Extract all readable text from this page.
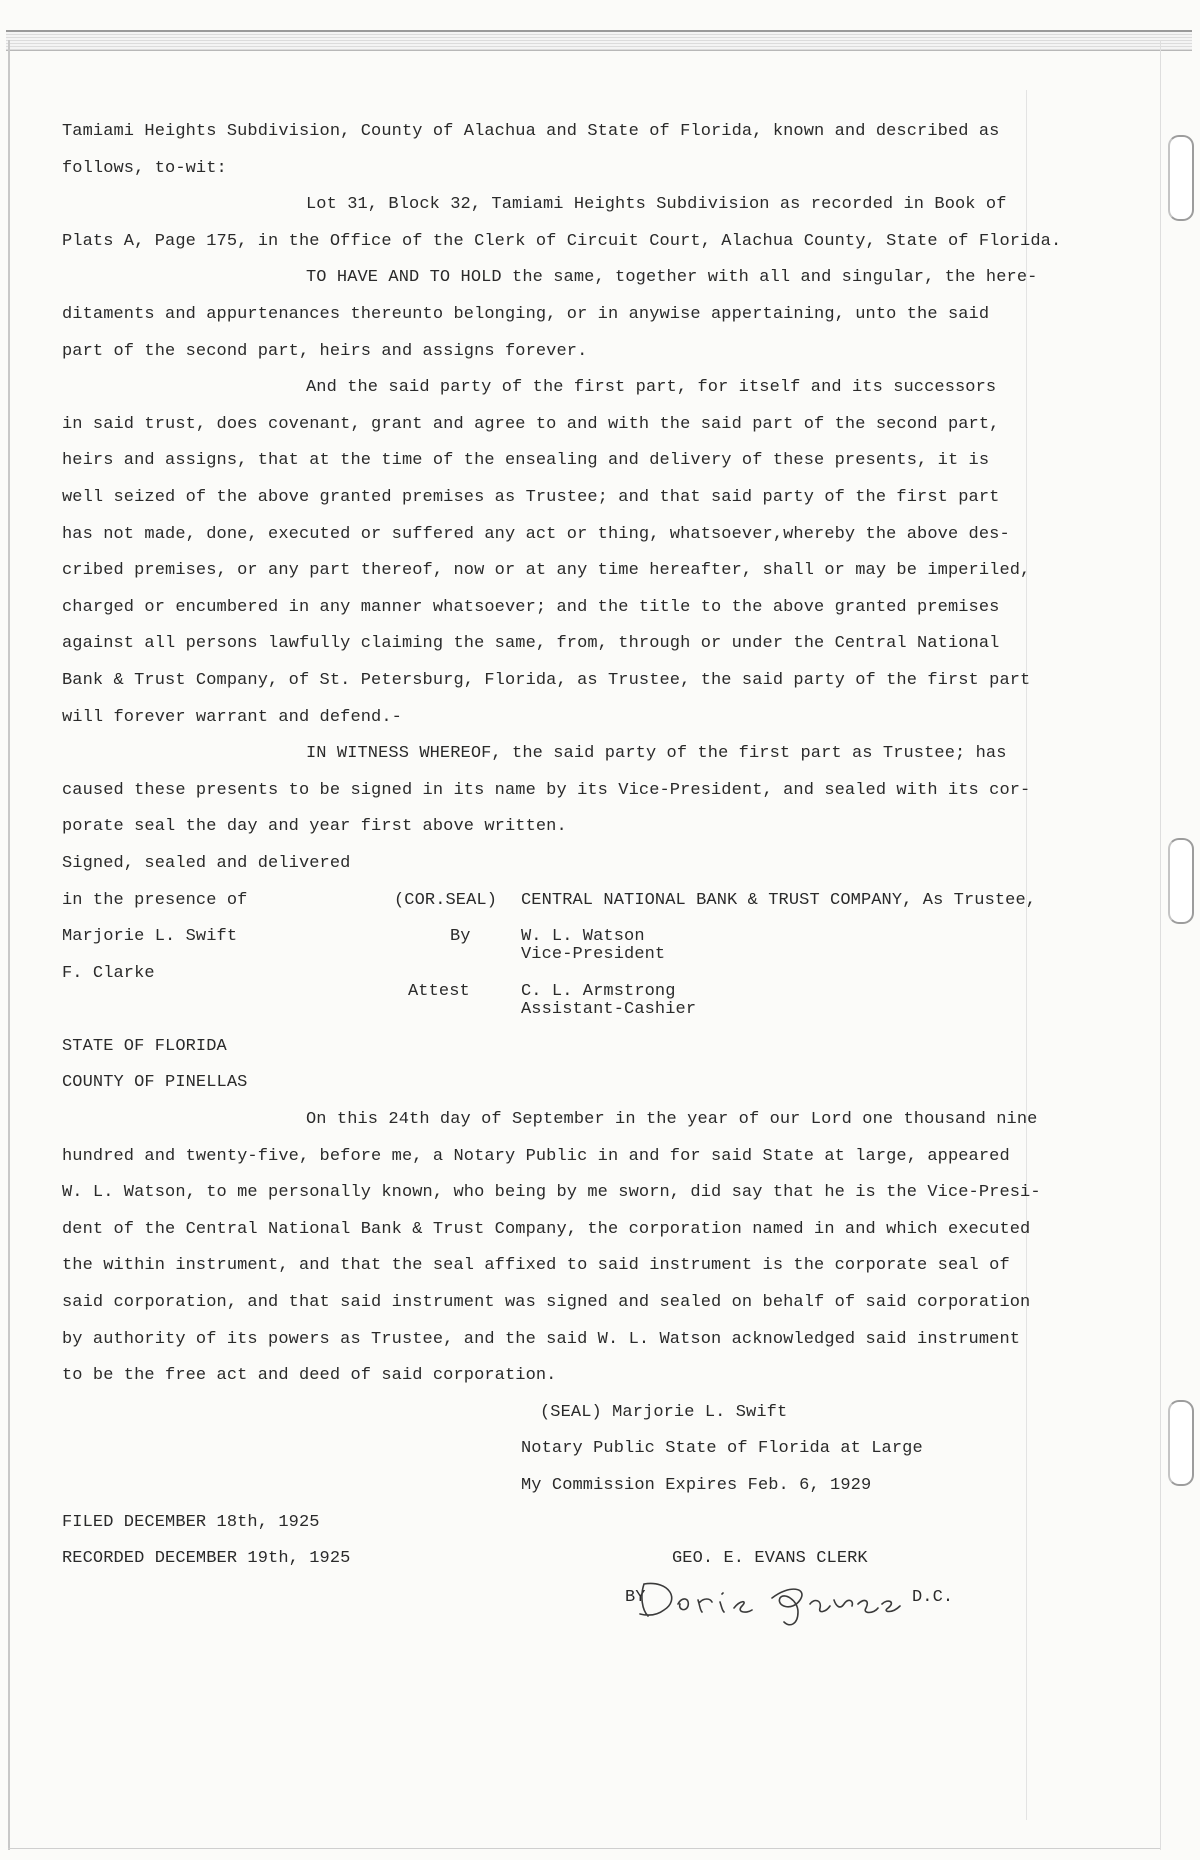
Tamiami Heights Subdivision, County of Alachua and State of Florida, known and described as
follows, to-wit:
Lot 31, Block 32, Tamiami Heights Subdivision as recorded in Book of
Plats A, Page 175, in the Office of the Clerk of Circuit Court, Alachua County, State of Florida.
TO HAVE AND TO HOLD the same, together with all and singular, the here-
ditaments and appurtenances thereunto belonging, or in anywise appertaining, unto the said
part of the second part, heirs and assigns forever.
And the said party of the first part, for itself and its successors
in said trust, does covenant, grant and agree to and with the said part of the second part,
heirs and assigns, that at the time of the ensealing and delivery of these presents, it is
well seized of the above granted premises as Trustee; and that said party of the first part
has not made, done, executed or suffered any act or thing, whatsoever,whereby the above des-
cribed premises, or any part thereof, now or at any time hereafter, shall or may be imperiled,
charged or encumbered in any manner whatsoever; and the title to the above granted premises
against all persons lawfully claiming the same, from, through or under the Central National
Bank & Trust Company, of St. Petersburg, Florida, as Trustee, the said party of the first part
will forever warrant and defend.-
IN WITNESS WHEREOF, the said party of the first part as Trustee; has
caused these presents to be signed in its name by its Vice-President, and sealed with its cor-
porate seal the day and year first above written.
Signed, sealed and delivered
in the presence of	(COR.SEAL) CENTRAL NATIONAL BANK & TRUST COMPANY, As Trustee,
Marjorie L. Swift	By	W. L. Watson
Vice-President
F. Clarke
Attest	C. L. Armstrong
Assistant-Cashier
STATE OF FLORIDA
COUNTY OF PINELLAS
On this 24th day of September in the year of our Lord one thousand nine
hundred and twenty-five, before me, a Notary Public in and for said State at large, appeared
W. L. Watson, to me personally known, who being by me sworn, did say that he is the Vice-Presi-
dent of the Central National Bank & Trust Company, the corporation named in and which executed
the within instrument, and that the seal affixed to said instrument is the corporate seal of
said corporation, and that said instrument was signed and sealed on behalf of said corporation
by authority of its powers as Trustee, and the said W. L. Watson acknowledged said instrument
to be the free act and deed of said corporation.
(SEAL) Marjorie L. Swift
Notary Public State of Florida at Large
My Commission Expires Feb. 6, 1929
FILED DECEMBER 18th, 1925
RECORDED DECEMBER 19th, 1925	GEO. E. EVANS CLERK
BY	D.C.
